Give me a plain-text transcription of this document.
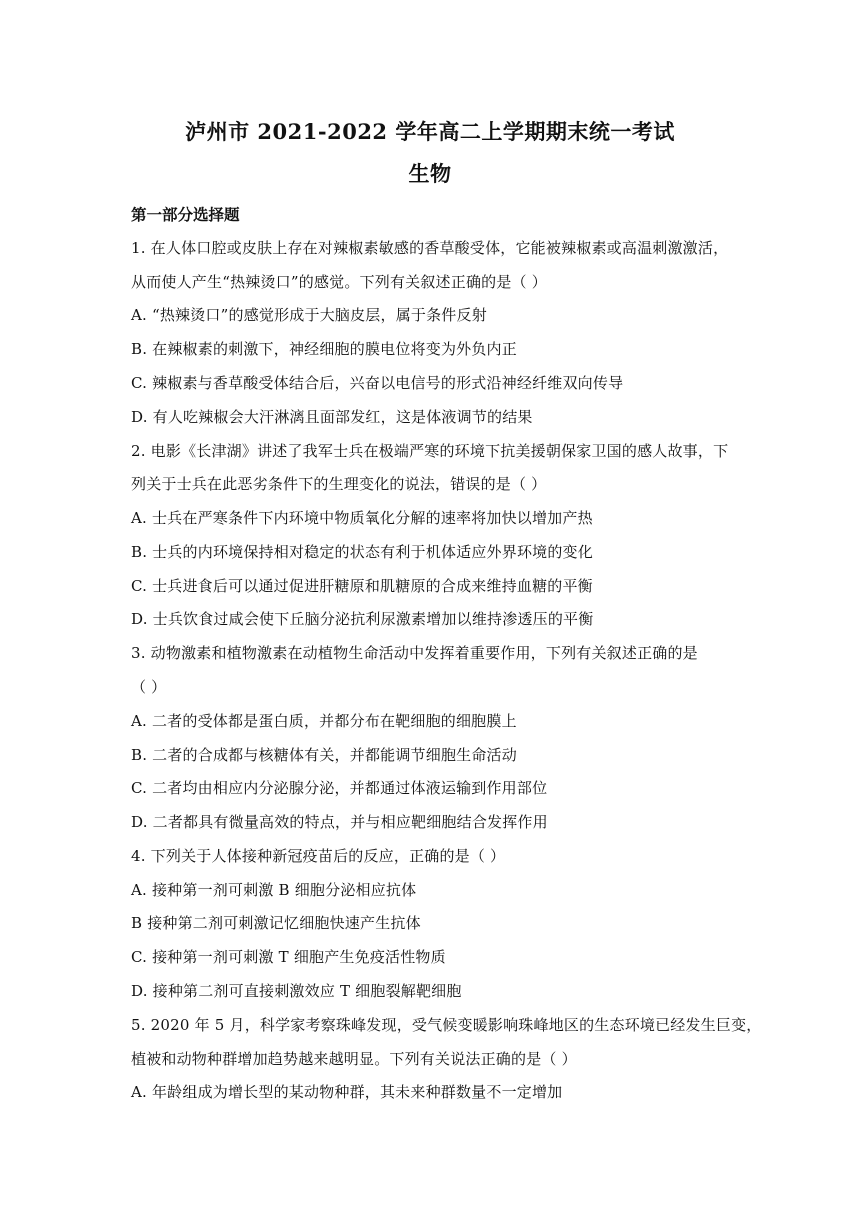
泸州市 2021-2022 学年高二上学期期末统一考试
生物
第一部分选择题
1. 在人体口腔或皮肤上存在对辣椒素敏感的香草酸受体，它能被辣椒素或高温刺激激活，
从而使人产生“热辣烫口”的感觉。下列有关叙述正确的是（ ）
A. “热辣烫口”的感觉形成于大脑皮层，属于条件反射
B. 在辣椒素的刺激下，神经细胞的膜电位将变为外负内正
C. 辣椒素与香草酸受体结合后，兴奋以电信号的形式沿神经纤维双向传导
D. 有人吃辣椒会大汗淋漓且面部发红，这是体液调节的结果
2. 电影《长津湖》讲述了我军士兵在极端严寒的环境下抗美援朝保家卫国的感人故事，下
列关于士兵在此恶劣条件下的生理变化的说法，错误的是（ ）
A. 士兵在严寒条件下内环境中物质氧化分解的速率将加快以增加产热
B. 士兵的内环境保持相对稳定的状态有利于机体适应外界环境的变化
C. 士兵进食后可以通过促进肝糖原和肌糖原的合成来维持血糖的平衡
D. 士兵饮食过咸会使下丘脑分泌抗利尿激素增加以维持渗透压的平衡
3. 动物激素和植物激素在动植物生命活动中发挥着重要作用，下列有关叙述正确的是
（ ）
A. 二者的受体都是蛋白质，并都分布在靶细胞的细胞膜上
B. 二者的合成都与核糖体有关，并都能调节细胞生命活动
C. 二者均由相应内分泌腺分泌，并都通过体液运输到作用部位
D. 二者都具有微量高效的特点，并与相应靶细胞结合发挥作用
4. 下列关于人体接种新冠疫苗后的反应，正确的是（ ）
A. 接种第一剂可刺激 B 细胞分泌相应抗体
B 接种第二剂可刺激记忆细胞快速产生抗体
C. 接种第一剂可刺激 T 细胞产生免疫活性物质
D. 接种第二剂可直接刺激效应 T 细胞裂解靶细胞
5. 2020 年 5 月，科学家考察珠峰发现，受气候变暖影响珠峰地区的生态环境已经发生巨变，
植被和动物种群增加趋势越来越明显。下列有关说法正确的是（ ）
A. 年龄组成为增长型的某动物种群，其未来种群数量不一定增加
